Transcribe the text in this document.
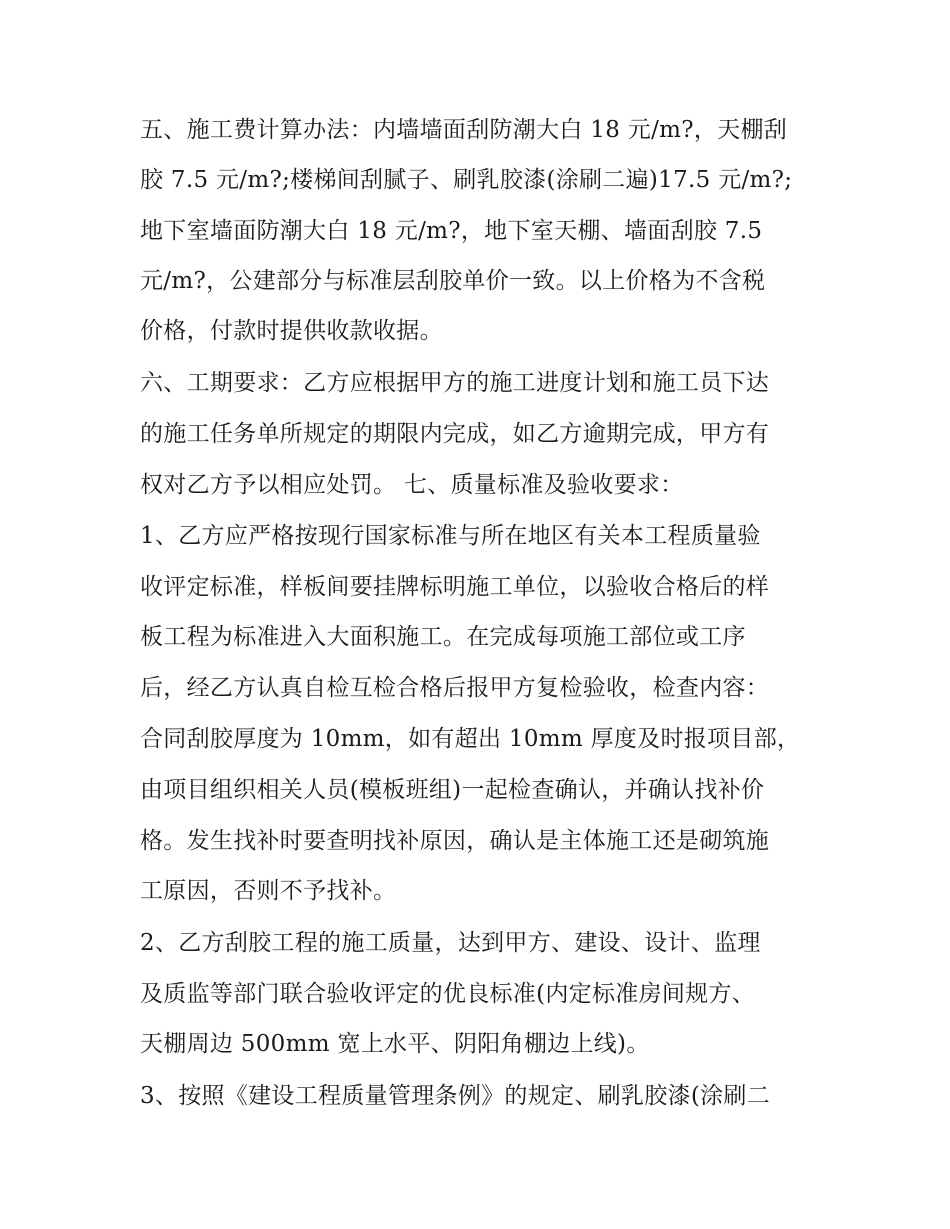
五、施工费计算办法：内墙墙面刮防潮大白 18 元/m?，天棚刮

胶 7.5 元/m?;楼梯间刮腻子、刷乳胶漆(涂刷二遍)17.5 元/m?;

地下室墙面防潮大白 18 元/m?，地下室天棚、墙面刮胶 7.5

元/m?，公建部分与标准层刮胶单价一致。以上价格为不含税

价格，付款时提供收款收据。

六、工期要求：乙方应根据甲方的施工进度计划和施工员下达

的施工任务单所规定的期限内完成，如乙方逾期完成，甲方有

权对乙方予以相应处罚。 七、质量标准及验收要求：

1、乙方应严格按现行国家标准与所在地区有关本工程质量验

收评定标准，样板间要挂牌标明施工单位，以验收合格后的样

板工程为标准进入大面积施工。在完成每项施工部位或工序

后，经乙方认真自检互检合格后报甲方复检验收，检查内容：

合同刮胶厚度为 10mm，如有超出 10mm 厚度及时报项目部，

由项目组织相关人员(模板班组)一起检查确认，并确认找补价

格。发生找补时要查明找补原因，确认是主体施工还是砌筑施

工原因，否则不予找补。

2、乙方刮胶工程的施工质量，达到甲方、建设、设计、监理

及质监等部门联合验收评定的优良标准(内定标准房间规方、

天棚周边 500mm 宽上水平、阴阳角棚边上线)。

3、按照《建设工程质量管理条例》的规定、刷乳胶漆(涂刷二
